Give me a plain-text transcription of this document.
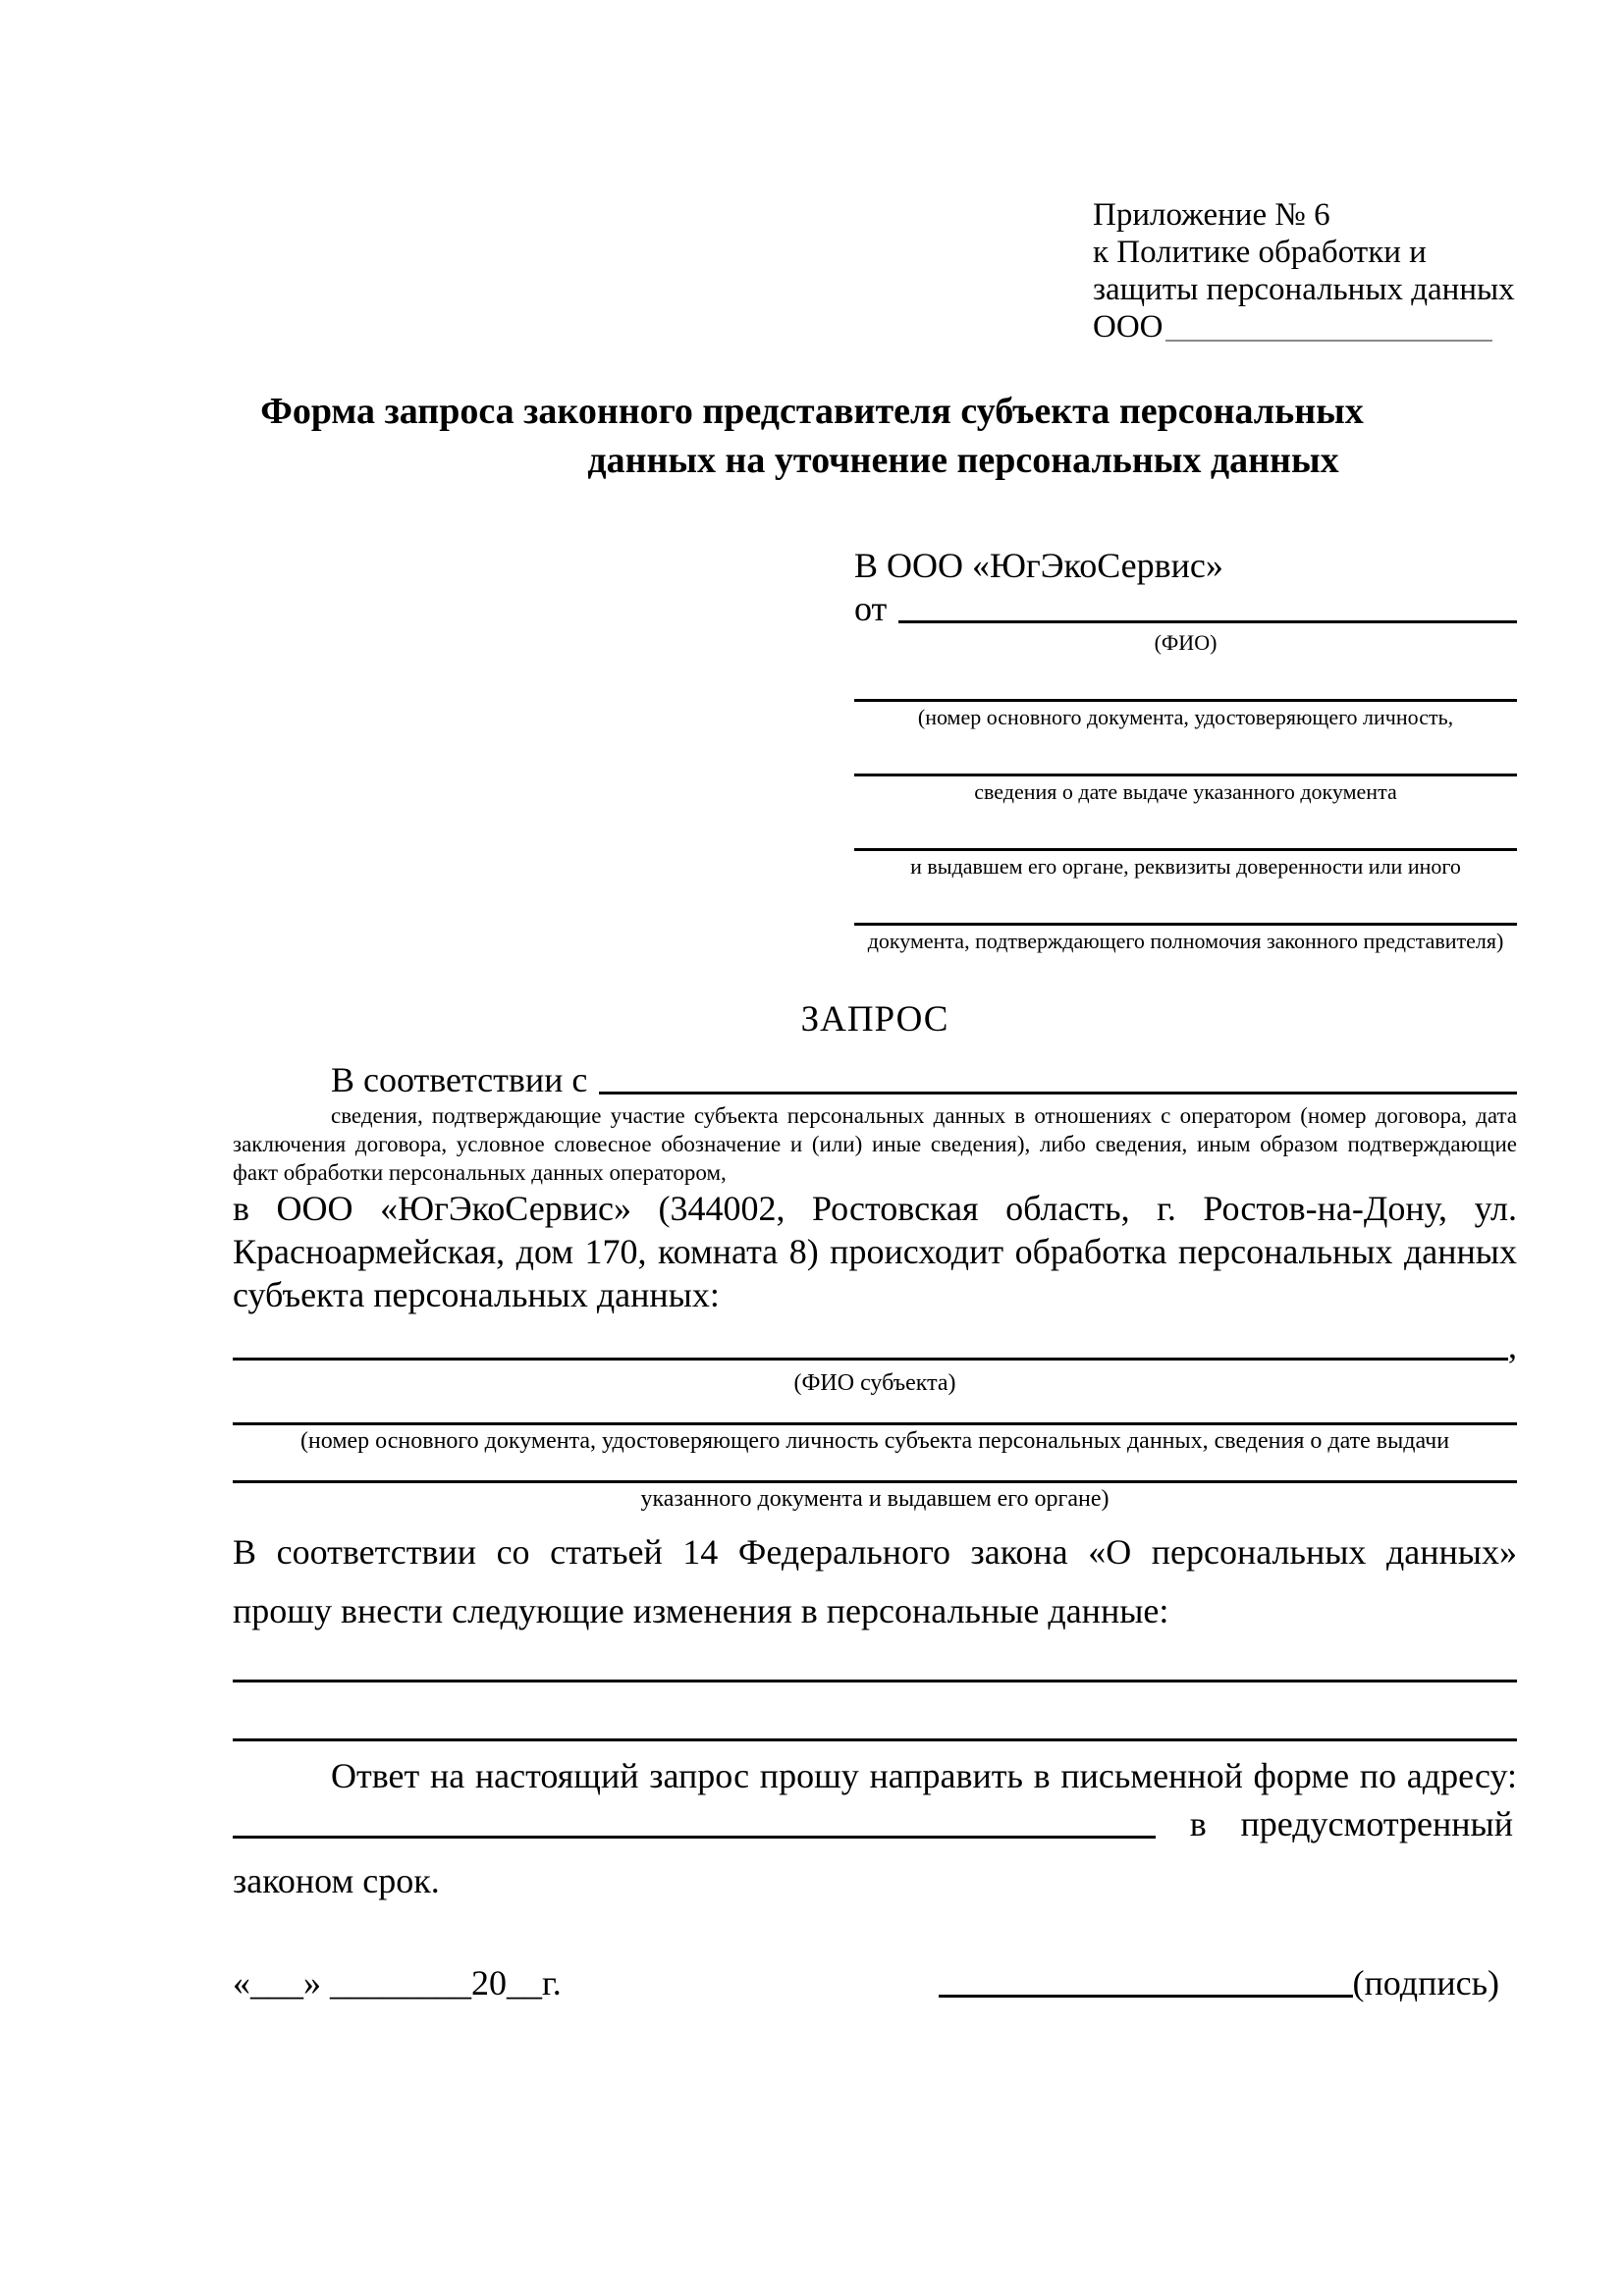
Приложение № 6
к Политике обработки и
защиты персональных данных
ООО
Форма запроса законного представителя субъекта персональных
данных на уточнение персональных данных
В ООО «ЮгЭкоСервис»
от
(ФИО)
(номер основного документа, удостоверяющего личность,
сведения о дате выдаче указанного документа
и выдавшем его органе, реквизиты доверенности или иного
документа, подтверждающего полномочия законного представителя)
ЗАПРОС
В соответствии с
сведения, подтверждающие участие субъекта персональных данных в отношениях с оператором (номер договора, дата заключения договора, условное словесное обозначение и (или) иные сведения), либо сведения, иным образом подтверждающие факт обработки персональных данных оператором,
в ООО «ЮгЭкоСервис» (344002, Ростовская область, г. Ростов-на-Дону, ул. Красноармейская, дом 170, комната 8) происходит обработка персональных данных субъекта персональных данных:
,
(ФИО субъекта)
(номер основного документа, удостоверяющего личность субъекта персональных данных, сведения о дате выдачи
указанного документа и выдавшем его органе)
В соответствии со статьей 14 Федерального закона «О персональных данных» прошу внести следующие изменения в персональные данные:
Ответ на настоящий запрос прошу направить в письменной форме по адресу:
в предусмотренный
законом срок.
«___» ________20__г.	(подпись)
